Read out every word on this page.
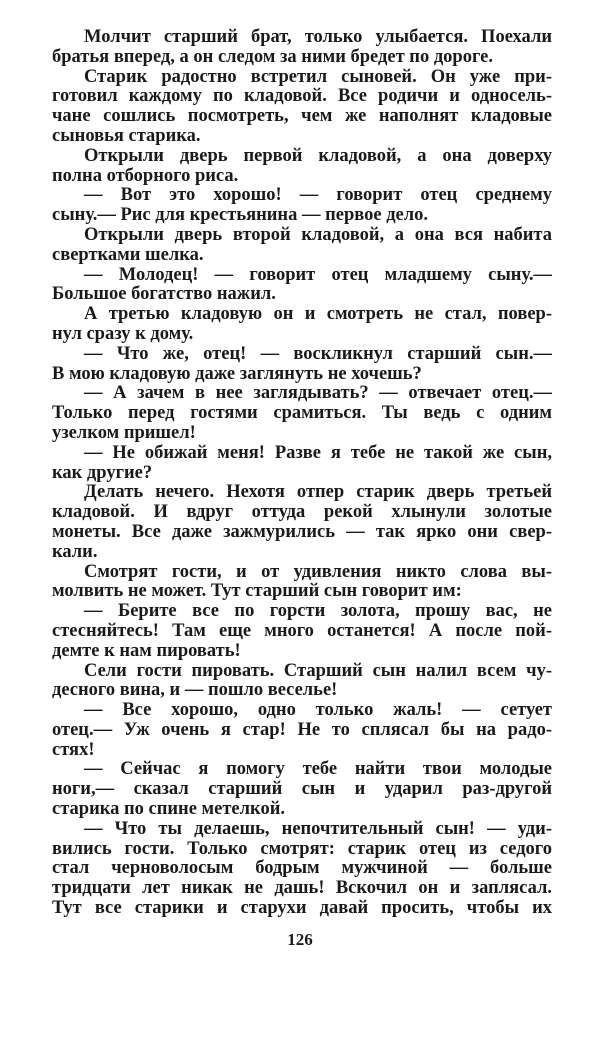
Молчит старший брат, только улыбается. Поехали
братья вперед, а он следом за ними бредет по дороге.
Старик радостно встретил сыновей. Он уже при-
готовил каждому по кладовой. Все родичи и односель-
чане сошлись посмотреть, чем же наполнят кладовые
сыновья старика.
Открыли дверь первой кладовой, а она доверху
полна отборного риса.
— Вот это хорошо! — говорит отец среднему
сыну.— Рис для крестьянина — первое дело.
Открыли дверь второй кладовой, а она вся набита
свертками шелка.
— Молодец! — говорит отец младшему сыну.—
Большое богатство нажил.
А третью кладовую он и смотреть не стал, повер-
нул сразу к дому.
— Что же, отец! — воскликнул старший сын.—
В мою кладовую даже заглянуть не хочешь?
— А зачем в нее заглядывать? — отвечает отец.—
Только перед гостями срамиться. Ты ведь с одним
узелком пришел!
— Не обижай меня! Разве я тебе не такой же сын,
как другие?
Делать нечего. Нехотя отпер старик дверь третьей
кладовой. И вдруг оттуда рекой хлынули золотые
монеты. Все даже зажмурились — так ярко они свер-
кали.
Смотрят гости, и от удивления никто слова вы-
молвить не может. Тут старший сын говорит им:
— Берите все по горсти золота, прошу вас, не
стесняйтесь! Там еще много останется! А после пой-
демте к нам пировать!
Сели гости пировать. Старший сын налил всем чу-
десного вина, и — пошло веселье!
— Все хорошо, одно только жаль! — сетует
отец.— Уж очень я стар! Не то сплясал бы на радо-
стях!
— Сейчас я помогу тебе найти твои молодые
ноги,— сказал старший сын и ударил раз-другой
старика по спине метелкой.
— Что ты делаешь, непочтительный сын! — уди-
вились гости. Только смотрят: старик отец из седого
стал черноволосым бодрым мужчиной — больше
тридцати лет никак не дашь! Вскочил он и заплясал.
Тут все старики и старухи давай просить, чтобы их
126
